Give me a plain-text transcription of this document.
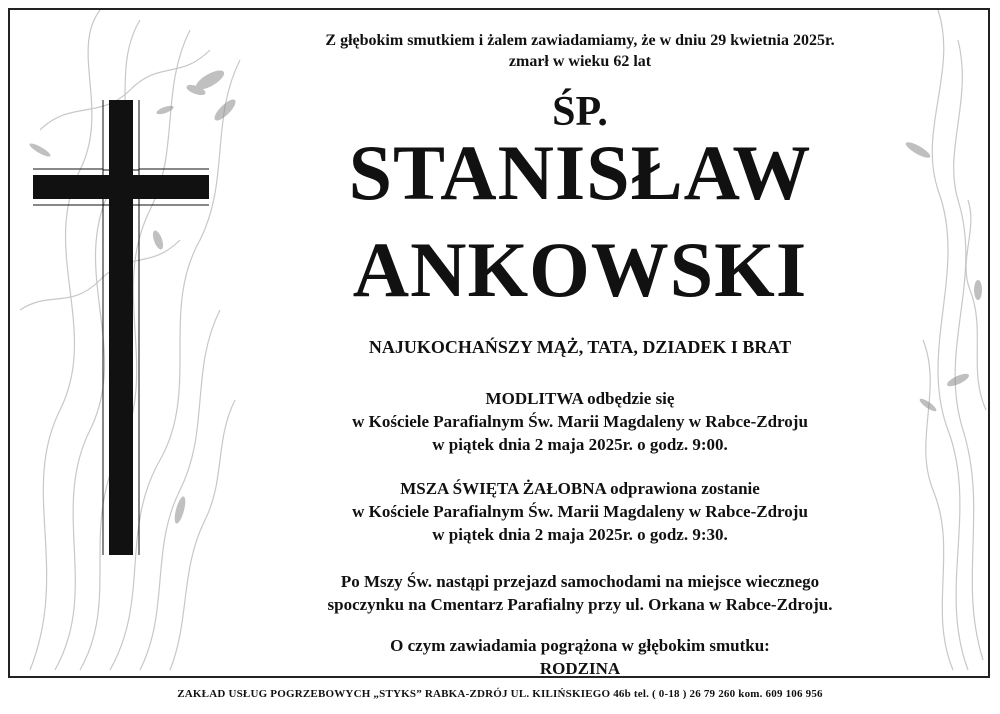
Z głębokim smutkiem i żalem zawiadamiamy, że w dniu 29 kwietnia 2025r.
zmarł w wieku 62 lat
ŚP.
STANISŁAW
ANKOWSKI
NAJUKOCHAŃSZY MĄŻ, TATA, DZIADEK I BRAT
MODLITWA odbędzie się
w Kościele Parafialnym Św. Marii Magdaleny w Rabce-Zdroju
w piątek dnia 2 maja 2025r. o godz. 9:00.
MSZA ŚWIĘTA ŻAŁOBNA odprawiona zostanie
w Kościele Parafialnym Św. Marii Magdaleny w Rabce-Zdroju
w piątek dnia 2 maja 2025r. o godz. 9:30.
Po Mszy Św. nastąpi przejazd samochodami na miejsce wiecznego
spoczynku na Cmentarz Parafialny przy ul. Orkana w Rabce-Zdroju.
O czym zawiadamia pogrążona w głębokim smutku:
RODZINA
ZAKŁAD USŁUG POGRZEBOWYCH „STYKS” RABKA-ZDRÓJ UL. KILIŃSKIEGO 46b tel. ( 0-18 ) 26 79 260 kom. 609 106 956
